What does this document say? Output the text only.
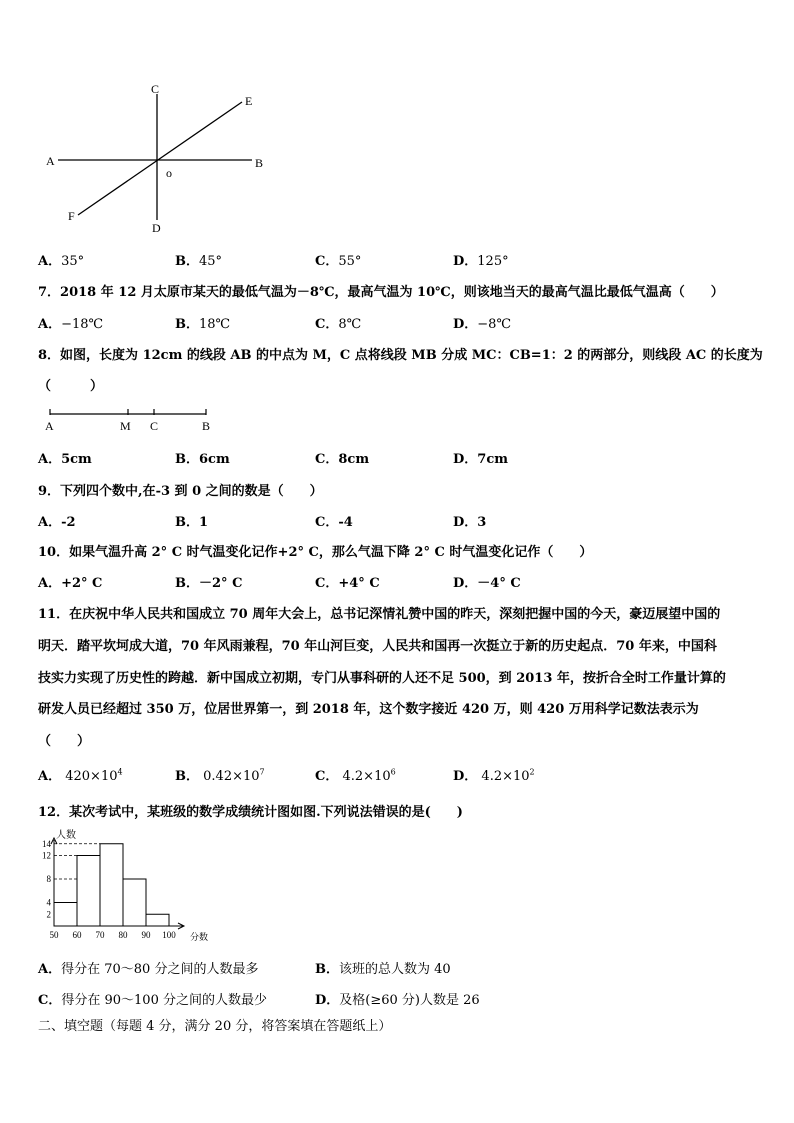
A	B
C
D
E
F
o
A．35°	B．45°	C．55°	D．125°
7．2018 年 12 月太原市某天的最低气温为－8℃，最高气温为 10℃，则该地当天的最高气温比最低气温高（　　）
A．−18℃	B．18℃	C．8℃	D．−8℃
8．如图，长度为 12cm 的线段 AB 的中点为 M，C 点将线段 MB 分成 MC：CB=1：2 的两部分，则线段 AC 的长度为
（　　　）
A	M C	B
A．5cm	B．6cm	C．8cm	D．7cm
9．下列四个数中,在-3 到 0 之间的数是（　　）
A．-2	B．1	C．-4	D．3
10．如果气温升高 2° C 时气温变化记作+2° C，那么气温下降 2° C 时气温变化记作（　　）
A．+2° C	B．－2° C	C．+4° C	D．－4° C
11．在庆祝中华人民共和国成立 70 周年大会上，总书记深情礼赞中国的昨天，深刻把握中国的今天，豪迈展望中国的
明天．踏平坎坷成大道，70 年风雨兼程，70 年山河巨变，人民共和国再一次挺立于新的历史起点．70 年来，中国科
技实力实现了历史性的跨越．新中国成立初期，专门从事科研的人还不足 500，到 2013 年，按折合全时工作量计算的
研发人员已经超过 350 万，位居世界第一，到 2018 年，这个数字接近 420 万，则 420 万用科学记数法表示为
（　　）
A． $420\times 10^4$	B． $0.42\times 10^7$	C． $4.2\times 10^6$	D． $4.2\times 10^2$
12．某次考试中，某班级的数学成绩统计图如图.下列说法错误的是(　　)
人数
分数
2
4
8
12
14
50 60 70 80 90 100
A．得分在 70～80 分之间的人数最多	B．该班的总人数为 40
C．得分在 90～100 分之间的人数最少	D．及格(≥60 分)人数是 26
二、填空题（每题 4 分，满分 20 分，将答案填在答题纸上）
